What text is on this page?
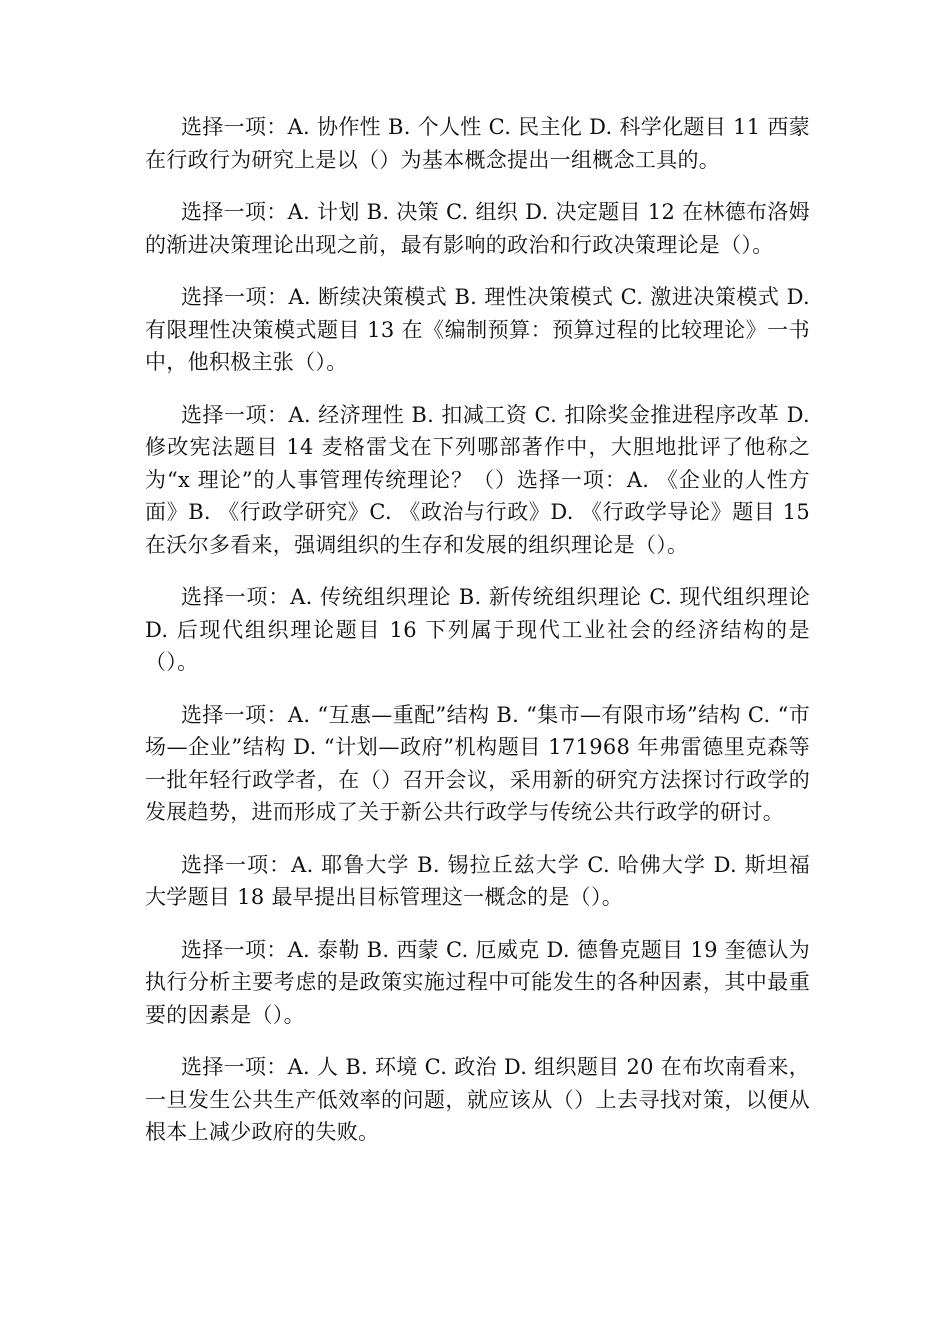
选择一项：A. 协作性 B. 个人性 C. 民主化 D. 科学化题目 11 西蒙在行政行为研究上是以（）为基本概念提出一组概念工具的。

选择一项：A. 计划 B. 决策 C. 组织 D. 决定题目 12 在林德布洛姆的渐进决策理论出现之前，最有影响的政治和行政决策理论是（）。

选择一项：A. 断续决策模式 B. 理性决策模式 C. 激进决策模式 D. 有限理性决策模式题目 13 在《编制预算：预算过程的比较理论》一书中，他积极主张（）。

选择一项：A. 经济理性 B. 扣减工资 C. 扣除奖金推进程序改革 D. 修改宪法题目 14 麦格雷戈在下列哪部著作中，大胆地批评了他称之为“x 理论”的人事管理传统理论？（）选择一项：A. 《企业的人性方面》B. 《行政学研究》C. 《政治与行政》D. 《行政学导论》题目 15 在沃尔多看来，强调组织的生存和发展的组织理论是（）。

选择一项：A. 传统组织理论 B. 新传统组织理论 C. 现代组织理论 D. 后现代组织理论题目 16 下列属于现代工业社会的经济结构的是（）。

选择一项：A. “互惠—重配”结构 B. “集市—有限市场”结构 C. “市场—企业”结构 D. “计划—政府”机构题目 171968 年弗雷德里克森等一批年轻行政学者，在（）召开会议，采用新的研究方法探讨行政学的发展趋势，进而形成了关于新公共行政学与传统公共行政学的研讨。

选择一项：A. 耶鲁大学 B. 锡拉丘兹大学 C. 哈佛大学 D. 斯坦福大学题目 18 最早提出目标管理这一概念的是（）。

选择一项：A. 泰勒 B. 西蒙 C. 厄威克 D. 德鲁克题目 19 奎德认为执行分析主要考虑的是政策实施过程中可能发生的各种因素，其中最重要的因素是（）。

选择一项：A. 人 B. 环境 C. 政治 D. 组织题目 20 在布坎南看来，一旦发生公共生产低效率的问题，就应该从（）上去寻找对策，以便从根本上减少政府的失败。
